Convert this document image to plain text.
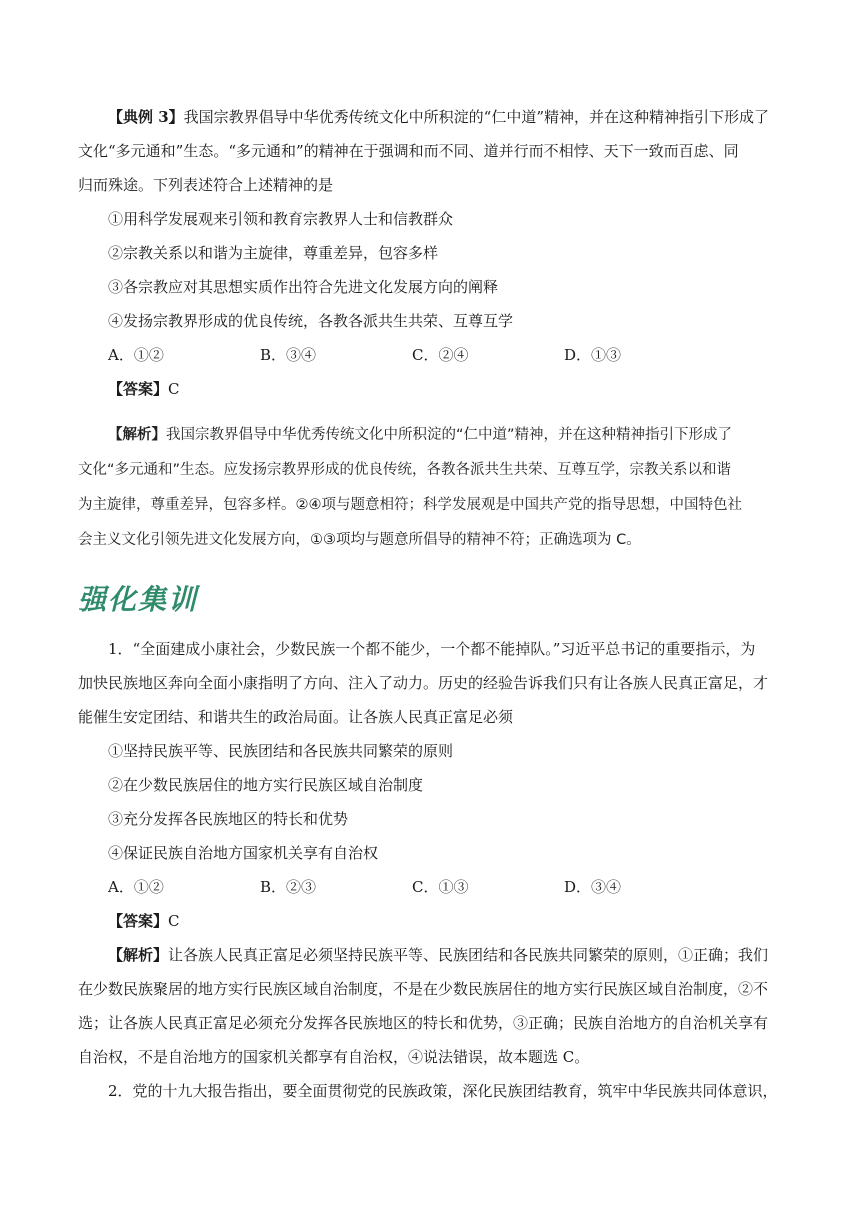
【典例 3】我国宗教界倡导中华优秀传统文化中所积淀的“仁中道”精神，并在这种精神指引下形成了
文化“多元通和”生态。“多元通和”的精神在于强调和而不同、道并行而不相悖、天下一致而百虑、同
归而殊途。下列表述符合上述精神的是
①用科学发展观来引领和教育宗教界人士和信教群众
②宗教关系以和谐为主旋律，尊重差异，包容多样
③各宗教应对其思想实质作出符合先进文化发展方向的阐释
④发扬宗教界形成的优良传统，各教各派共生共荣、互尊互学
A．①②	B．③④	C．②④	D．①③
【答案】C
【解析】我国宗教界倡导中华优秀传统文化中所积淀的“仁中道”精神，并在这种精神指引下形成了
文化“多元通和”生态。应发扬宗教界形成的优良传统，各教各派共生共荣、互尊互学，宗教关系以和谐
为主旋律，尊重差异，包容多样。②④项与题意相符；科学发展观是中国共产党的指导思想，中国特色社
会主义文化引领先进文化发展方向，①③项均与题意所倡导的精神不符；正确选项为 C。
强化集训
1．“全面建成小康社会，少数民族一个都不能少，一个都不能掉队。”习近平总书记的重要指示，为
加快民族地区奔向全面小康指明了方向、注入了动力。历史的经验告诉我们只有让各族人民真正富足，才
能催生安定团结、和谐共生的政治局面。让各族人民真正富足必须
①坚持民族平等、民族团结和各民族共同繁荣的原则
②在少数民族居住的地方实行民族区域自治制度
③充分发挥各民族地区的特长和优势
④保证民族自治地方国家机关享有自治权
A．①②	B．②③	C．①③	D．③④
【答案】C
【解析】让各族人民真正富足必须坚持民族平等、民族团结和各民族共同繁荣的原则，①正确；我们
在少数民族聚居的地方实行民族区域自治制度，不是在少数民族居住的地方实行民族区域自治制度，②不
选；让各族人民真正富足必须充分发挥各民族地区的特长和优势，③正确；民族自治地方的自治机关享有
自治权，不是自治地方的国家机关都享有自治权，④说法错误，故本题选 C。
2．党的十九大报告指出，要全面贯彻党的民族政策，深化民族团结教育，筑牢中华民族共同体意识，
